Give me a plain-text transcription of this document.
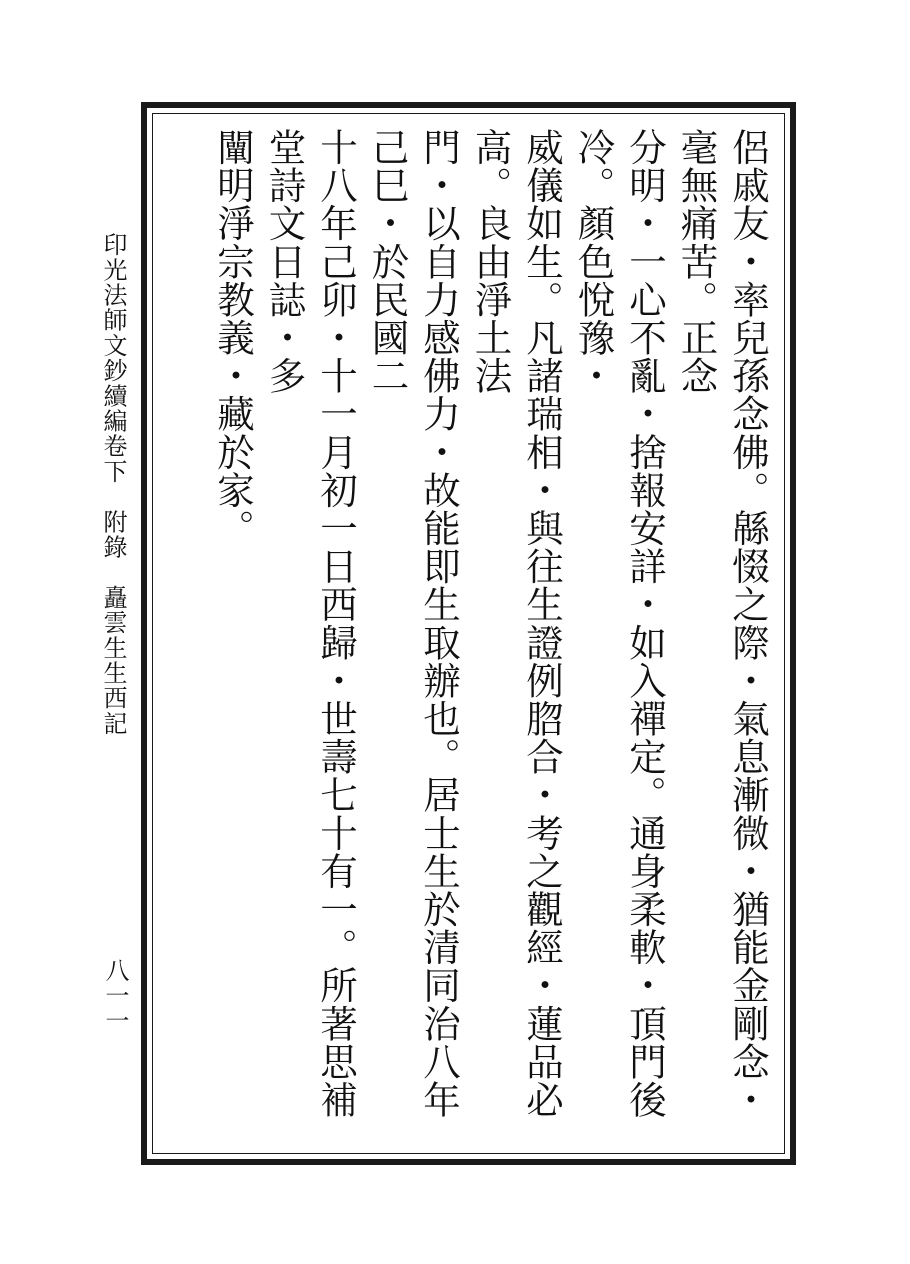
侶戚友・率兒孫念佛。緜惙之際・氣息漸微・猶能金剛念・毫無痛苦。正念

分明・一心不亂・捨報安詳・如入禪定。通身柔軟・頂門後冷。顏色悅豫・

威儀如生。凡諸瑞相・與往生證例脗合・考之觀經・蓮品必高。良由淨土法

門・以自力感佛力・故能即生取辦也。居士生於清同治八年己巳・於民國二

十八年己卯・十一月初一日西歸・世壽七十有一。所著思補堂詩文日誌・多

闡明淨宗教義・藏於家。

印光法師文鈔續編卷下　附錄　矗雲生生西記
八一一
